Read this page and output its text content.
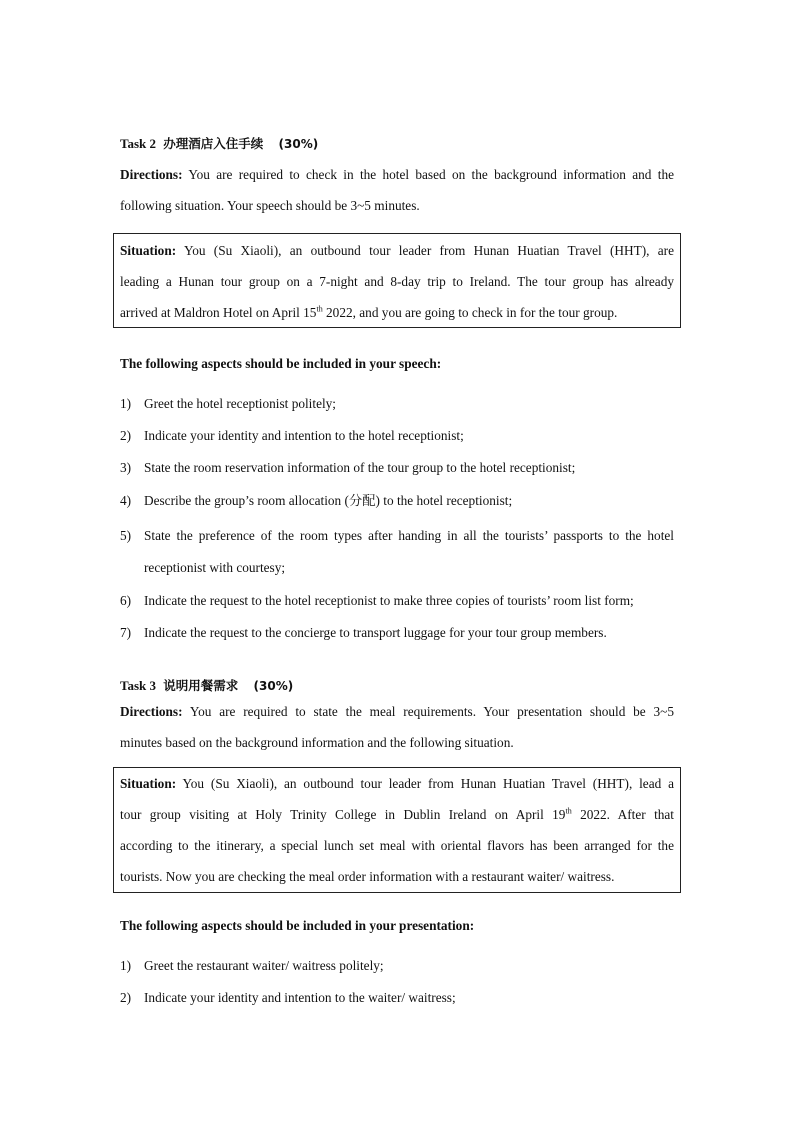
Task 2 办理酒店入住手续 (30%)
Directions: You are required to check in the hotel based on the background information and the
following situation. Your speech should be 3~5 minutes.
Situation: You (Su Xiaoli), an outbound tour leader from Hunan Huatian Travel (HHT), are
leading a Hunan tour group on a 7-night and 8-day trip to Ireland. The tour group has already
arrived at Maldron Hotel on April 15th 2022, and you are going to check in for the tour group.
The following aspects should be included in your speech:
1) Greet the hotel receptionist politely;
2) Indicate your identity and intention to the hotel receptionist;
3) State the room reservation information of the tour group to the hotel receptionist;
4) Describe the group’s room allocation (分配) to the hotel receptionist;
5) State the preference of the room types after handing in all the tourists’ passports to the hotel
receptionist with courtesy;
6) Indicate the request to the hotel receptionist to make three copies of tourists’ room list form;
7) Indicate the request to the concierge to transport luggage for your tour group members.
Task 3 说明用餐需求 (30%)
Directions: You are required to state the meal requirements. Your presentation should be 3~5
minutes based on the background information and the following situation.
Situation: You (Su Xiaoli), an outbound tour leader from Hunan Huatian Travel (HHT), lead a
tour group visiting at Holy Trinity College in Dublin Ireland on April 19th 2022. After that
according to the itinerary, a special lunch set meal with oriental flavors has been arranged for the
tourists. Now you are checking the meal order information with a restaurant waiter/ waitress.
The following aspects should be included in your presentation:
1) Greet the restaurant waiter/ waitress politely;
2) Indicate your identity and intention to the waiter/ waitress;
